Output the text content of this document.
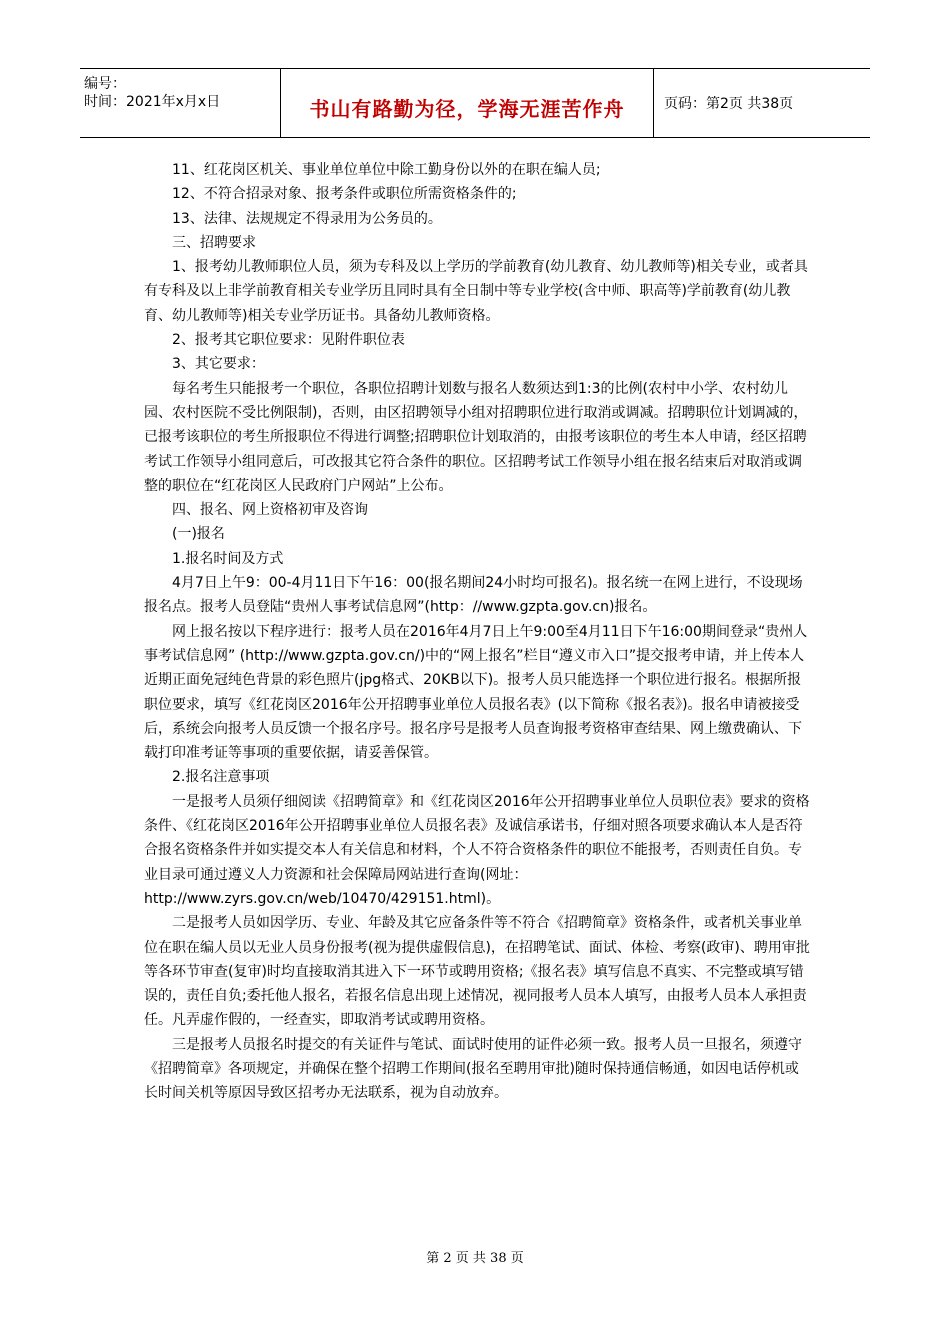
编号：
时间：2021年x月x日	书山有路勤为径，学海无涯苦作舟	页码：第2页 共38页

11、红花岗区机关、事业单位单位中除工勤身份以外的在职在编人员;

12、不符合招录对象、报考条件或职位所需资格条件的;

13、法律、法规规定不得录用为公务员的。

三、招聘要求

1、报考幼儿教师职位人员，须为专科及以上学历的学前教育(幼儿教育、幼儿教师等)相关专业，或者具有专科及以上非学前教育相关专业学历且同时具有全日制中等专业学校(含中师、职高等)学前教育(幼儿教育、幼儿教师等)相关专业学历证书。具备幼儿教师资格。

2、报考其它职位要求：见附件职位表

3、其它要求：

每名考生只能报考一个职位，各职位招聘计划数与报名人数须达到1:3的比例(农村中小学、农村幼儿园、农村医院不受比例限制)，否则，由区招聘领导小组对招聘职位进行取消或调减。招聘职位计划调减的，已报考该职位的考生所报职位不得进行调整;招聘职位计划取消的，由报考该职位的考生本人申请，经区招聘考试工作领导小组同意后，可改报其它符合条件的职位。区招聘考试工作领导小组在报名结束后对取消或调整的职位在“红花岗区人民政府门户网站”上公布。

四、报名、网上资格初审及咨询

(一)报名

1.报名时间及方式

4月7日上午9：00-4月11日下午16：00(报名期间24小时均可报名)。报名统一在网上进行，不设现场报名点。报考人员登陆“贵州人事考试信息网”(http：//www.gzpta.gov.cn)报名。

网上报名按以下程序进行：报考人员在2016年4月7日上午9:00至4月11日下午16:00期间登录“贵州人事考试信息网” (http://www.gzpta.gov.cn/)中的“网上报名”栏目“遵义市入口”提交报考申请，并上传本人近期正面免冠纯色背景的彩色照片(jpg格式、20KB以下)。报考人员只能选择一个职位进行报名。根据所报职位要求，填写《红花岗区2016年公开招聘事业单位人员报名表》(以下简称《报名表》)。报名申请被接受后，系统会向报考人员反馈一个报名序号。报名序号是报考人员查询报考资格审查结果、网上缴费确认、下载打印准考证等事项的重要依据，请妥善保管。

2.报名注意事项

一是报考人员须仔细阅读《招聘简章》和《红花岗区2016年公开招聘事业单位人员职位表》要求的资格条件、《红花岗区2016年公开招聘事业单位人员报名表》及诚信承诺书，仔细对照各项要求确认本人是否符合报名资格条件并如实提交本人有关信息和材料，个人不符合资格条件的职位不能报考，否则责任自负。专业目录可通过遵义人力资源和社会保障局网站进行查询(网址：http://www.zyrs.gov.cn/web/10470/429151.html)。

二是报考人员如因学历、专业、年龄及其它应备条件等不符合《招聘简章》资格条件，或者机关事业单位在职在编人员以无业人员身份报考(视为提供虚假信息)，在招聘笔试、面试、体检、考察(政审)、聘用审批等各环节审查(复审)时均直接取消其进入下一环节或聘用资格;《报名表》填写信息不真实、不完整或填写错误的，责任自负;委托他人报名，若报名信息出现上述情况，视同报考人员本人填写，由报考人员本人承担责任。凡弄虚作假的，一经查实，即取消考试或聘用资格。

三是报考人员报名时提交的有关证件与笔试、面试时使用的证件必须一致。报考人员一旦报名，须遵守《招聘简章》各项规定，并确保在整个招聘工作期间(报名至聘用审批)随时保持通信畅通，如因电话停机或长时间关机等原因导致区招考办无法联系，视为自动放弃。

第 2 页 共 38 页
